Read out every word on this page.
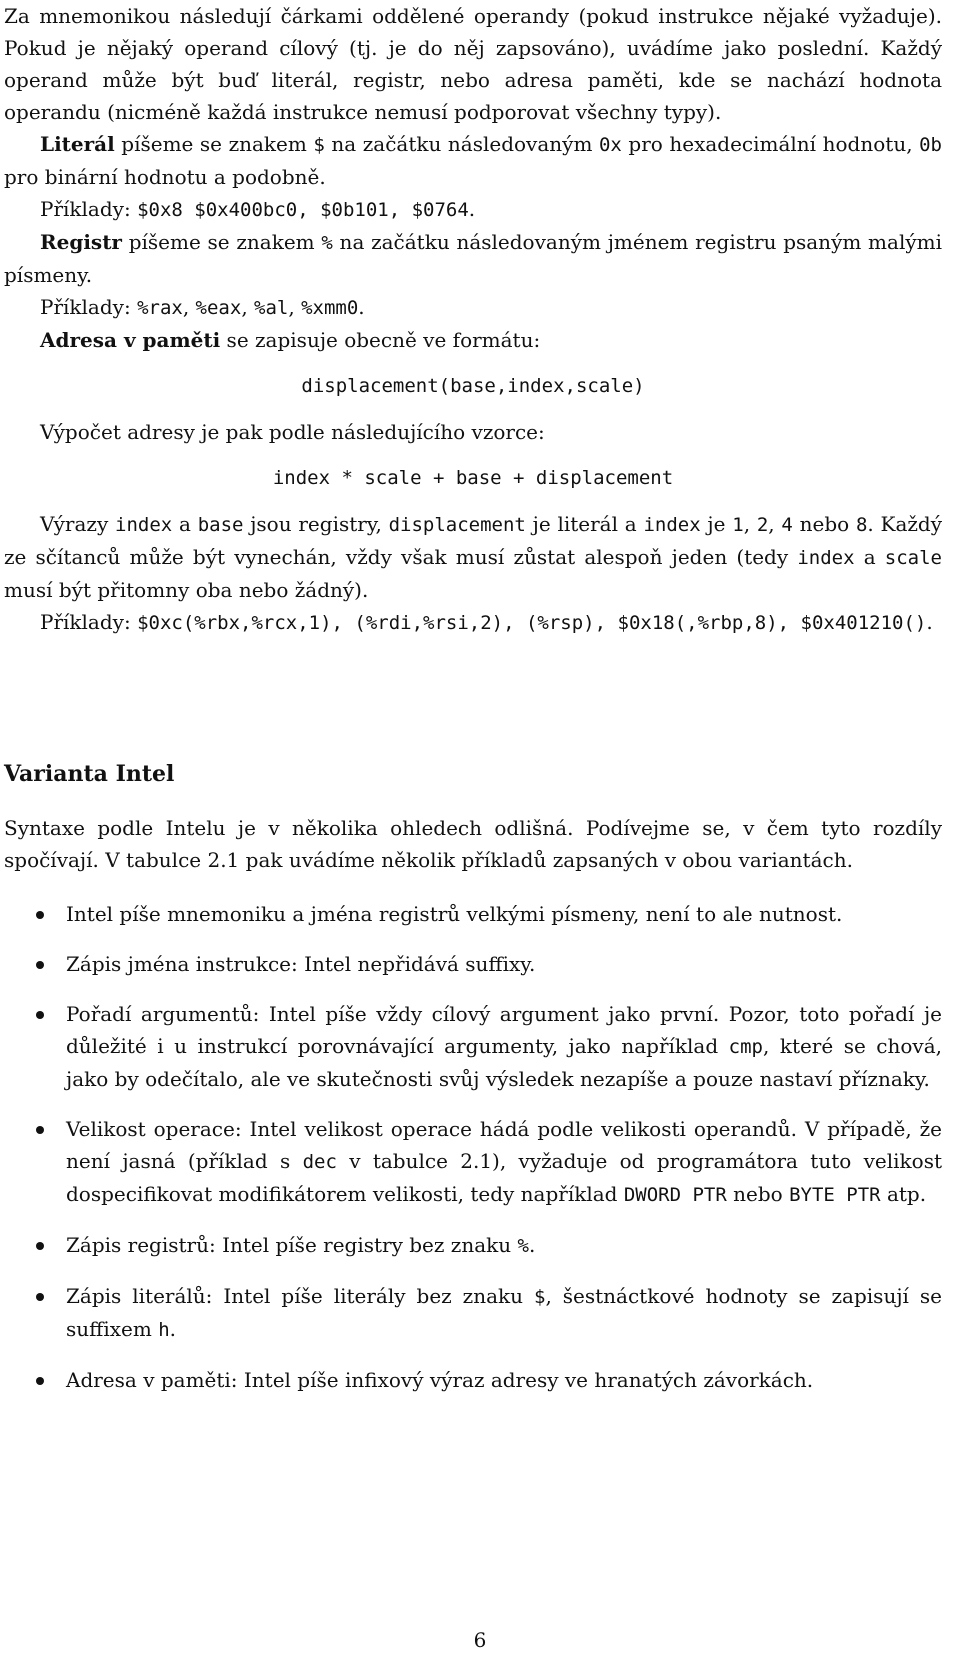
Za mnemonikou následují čárkami oddělené operandy (pokud instrukce nějaké vyžaduje). Pokud je nějaký operand cílový (tj. je do něj zapsováno), uvádíme jako poslední. Každý operand může být buď literál, registr, nebo adresa paměti, kde se nachází hodnota operandu (nicméně každá instrukce nemusí podporovat všechny typy).

Literál píšeme se znakem $ na začátku následovaným 0x pro hexadecimální hodnotu, 0b pro binární hodnotu a podobně.

Příklady: $0x8 $0x400bc0, $0b101, $0764.

Registr píšeme se znakem % na začátku následovaným jménem registru psaným malými písmeny.

Příklady: %rax, %eax, %al, %xmm0.

Adresa v paměti se zapisuje obecně ve formátu:

displacement(base,index,scale)

Výpočet adresy je pak podle následujícího vzorce:

index * scale + base + displacement

Výrazy index a base jsou registry, displacement je literál a index je 1, 2, 4 nebo 8. Každý ze sčítanců může být vynechán, vždy však musí zůstat alespoň jeden (tedy index a scale musí být přitomny oba nebo žádný).

Příklady: $0xc(%rbx,%rcx,1), (%rdi,%rsi,2), (%rsp), $0x18(,%rbp,8), $0x401210().

Varianta Intel

Syntaxe podle Intelu je v několika ohledech odlišná. Podívejme se, v čem tyto rozdíly spočívají. V tabulce 2.1 pak uvádíme několik příkladů zapsaných v obou variantách.

Intel píše mnemoniku a jména registrů velkými písmeny, není to ale nutnost.
Zápis jména instrukce: Intel nepřidává suffixy.
Pořadí argumentů: Intel píše vždy cílový argument jako první. Pozor, toto pořadí je důležité i u instrukcí porovnávající argumenty, jako například cmp, které se chová, jako by odečítalo, ale ve skutečnosti svůj výsledek nezapíše a pouze nastaví příznaky.
Velikost operace: Intel velikost operace hádá podle velikosti operandů. V případě, že není jasná (příklad s dec v tabulce 2.1), vyžaduje od programátora tuto velikost dospecifikovat modifikátorem velikosti, tedy například DWORD PTR nebo BYTE PTR atp.
Zápis registrů: Intel píše registry bez znaku %.
Zápis literálů: Intel píše literály bez znaku $, šestnáctkové hodnoty se zapisují se suffixem h.
Adresa v paměti: Intel píše infixový výraz adresy ve hranatých závorkách.
6
